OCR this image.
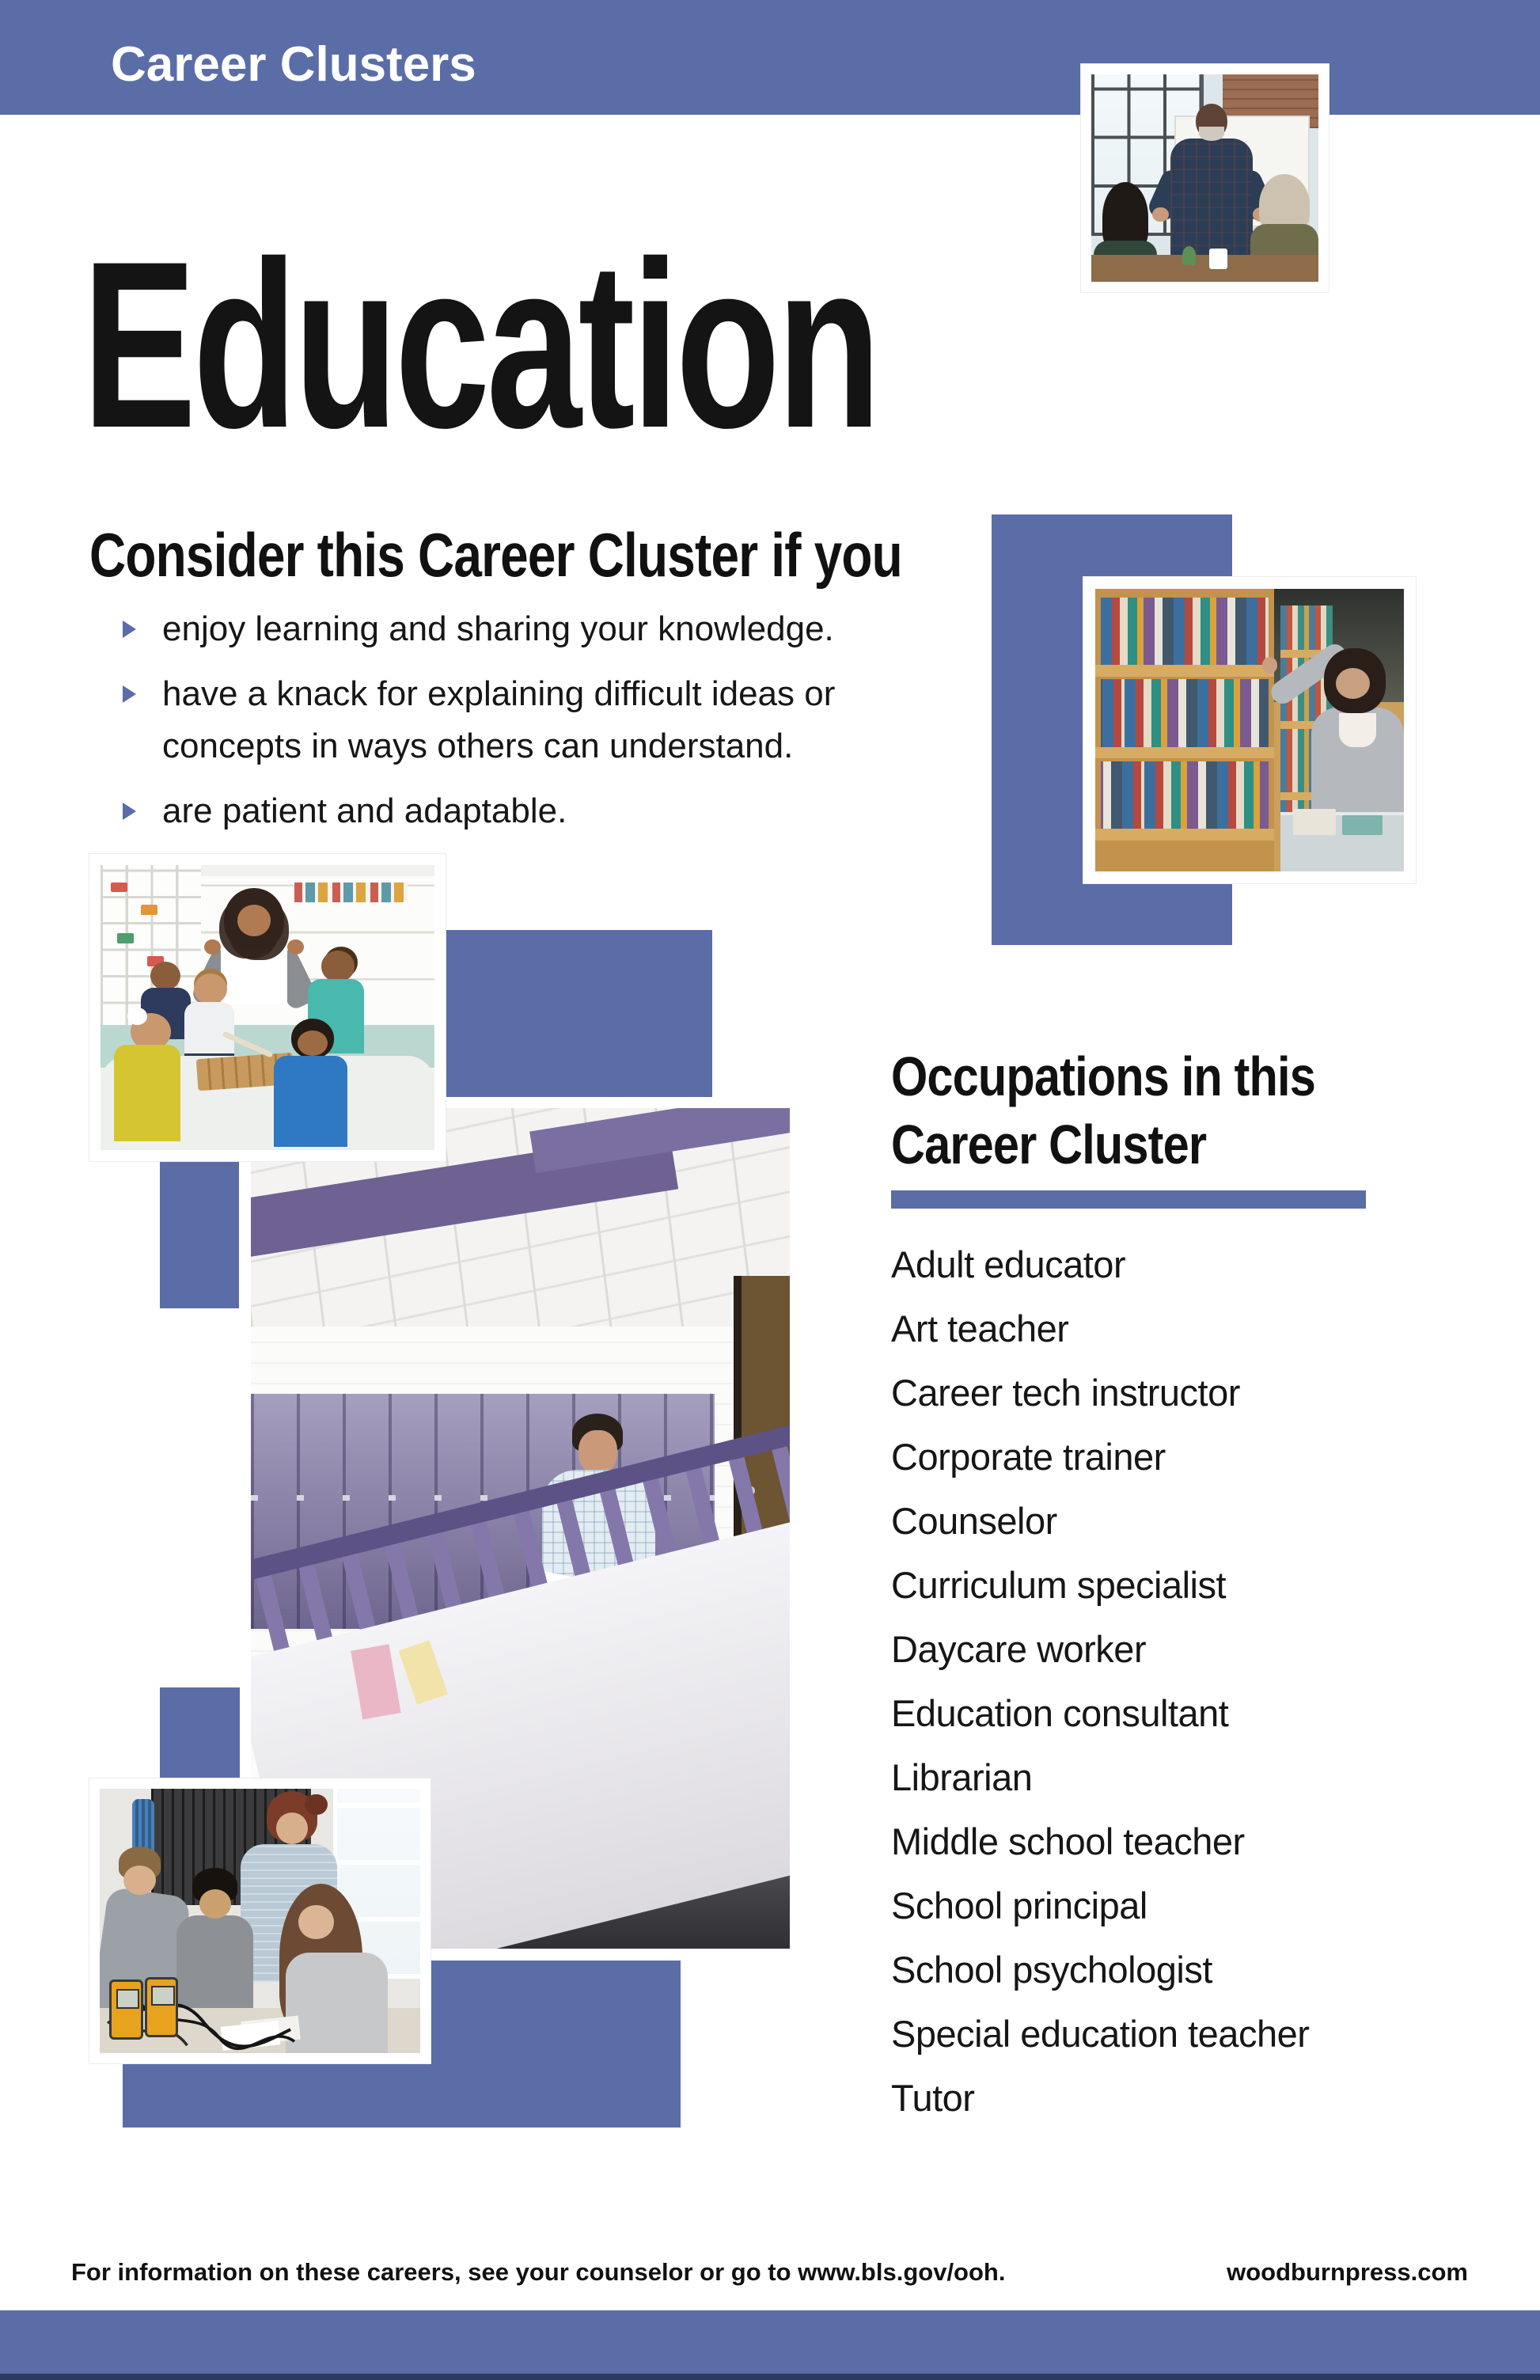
Career Clusters
Education
Consider this Career Cluster if you
enjoy learning and sharing your knowledge.
have a knack for explaining difficult ideas or concepts in ways others can understand.
are patient and adaptable.
Occupations in this
Career Cluster
Adult educator
Art teacher
Career tech instructor
Corporate trainer
Counselor
Curriculum specialist
Daycare worker
Education consultant
Librarian
Middle school teacher
School principal
School psychologist
Special education teacher
Tutor
For information on these careers, see your counselor or go to www.bls.gov/ooh.	woodburnpress.com
